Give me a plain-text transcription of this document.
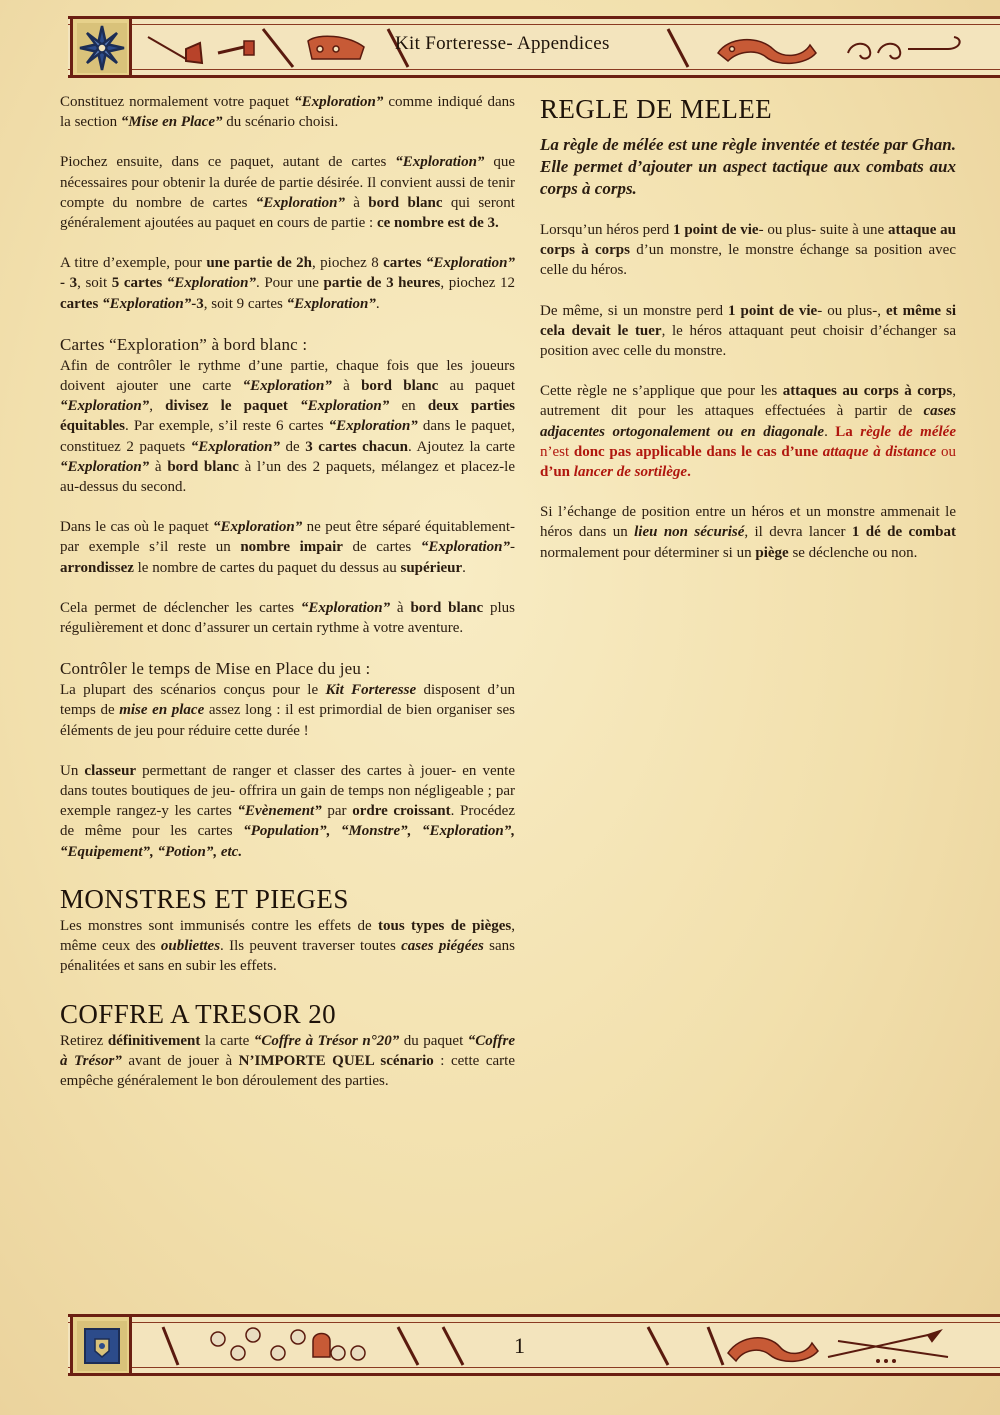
Kit Forteresse- Appendices

Constituez normalement votre paquet “Exploration” comme indiqué dans la section “Mise en Place” du scénario choisi.

Piochez ensuite, dans ce paquet, autant de cartes “Exploration” que nécessaires pour obtenir la durée de partie désirée. Il convient aussi de tenir compte du nombre de cartes “Exploration” à bord blanc qui seront généralement ajoutées au paquet en cours de partie : ce nombre est de 3.

A titre d’exemple, pour une partie de 2h, piochez 8 cartes “Exploration” - 3, soit 5 cartes “Exploration”. Pour une partie de 3 heures, piochez 12 cartes “Exploration”-3, soit 9 cartes “Exploration”.

Cartes “Exploration” à bord blanc :

Afin de contrôler le rythme d’une partie, chaque fois que les joueurs doivent ajouter une carte “Exploration” à bord blanc au paquet “Exploration”, divisez le paquet “Exploration” en deux parties équitables. Par exemple, s’il reste 6 cartes “Exploration” dans le paquet, constituez 2 paquets “Exploration” de 3 cartes chacun. Ajoutez la carte “Exploration” à bord blanc à l’un des 2 paquets, mélangez et placez-le au-dessus du second.

Dans le cas où le paquet “Exploration” ne peut être séparé équitablement- par exemple s’il reste un nombre impair de cartes “Exploration”- arrondissez le nombre de cartes du paquet du dessus au supérieur.

Cela permet de déclencher les cartes “Exploration” à bord blanc plus régulièrement et donc d’assurer un certain rythme à votre aventure.

Contrôler le temps de Mise en Place du jeu :

La plupart des scénarios conçus pour le Kit Forteresse disposent d’un temps de mise en place assez long : il est primordial de bien organiser ses éléments de jeu pour réduire cette durée !

Un classeur permettant de ranger et classer des cartes à jouer- en vente dans toutes boutiques de jeu- offrira un gain de temps non négligeable ; par exemple rangez-y les cartes “Evènement” par ordre croissant. Procédez de même pour les cartes “Population”, “Monstre”, “Exploration”, “Equipement”, “Potion”, etc.

MONSTRES ET PIEGES

Les monstres sont immunisés contre les effets de tous types de pièges, même ceux des oubliettes. Ils peuvent traverser toutes cases piégées sans pénalitées et sans en subir les effets.

COFFRE A TRESOR 20

Retirez définitivement la carte “Coffre à Trésor n°20” du paquet “Coffre à Trésor” avant de jouer à N’IMPORTE QUEL scénario : cette carte empêche généralement le bon déroulement des parties.

REGLE DE MELEE

La règle de mélée est une règle inventée et testée par Ghan. Elle permet d’ajouter un aspect tactique aux combats aux corps à corps.

Lorsqu’un héros perd 1 point de vie- ou plus- suite à une attaque au corps à corps d’un monstre, le monstre échange sa position avec celle du héros.

De même, si un monstre perd 1 point de vie- ou plus-, et même si cela devait le tuer, le héros attaquant peut choisir d’échanger sa position avec celle du monstre.

Cette règle ne s’applique que pour les attaques au corps à corps, autrement dit pour les attaques effectuées à partir de cases adjacentes ortogonalement ou en diagonale. La règle de mélée n’est donc pas applicable dans le cas d’une attaque à distance ou d’un lancer de sortilège.

Si l’échange de position entre un héros et un monstre ammenait le héros dans un lieu non sécurisé, il devra lancer 1 dé de combat normalement pour déterminer si un piège se déclenche ou non.

1
